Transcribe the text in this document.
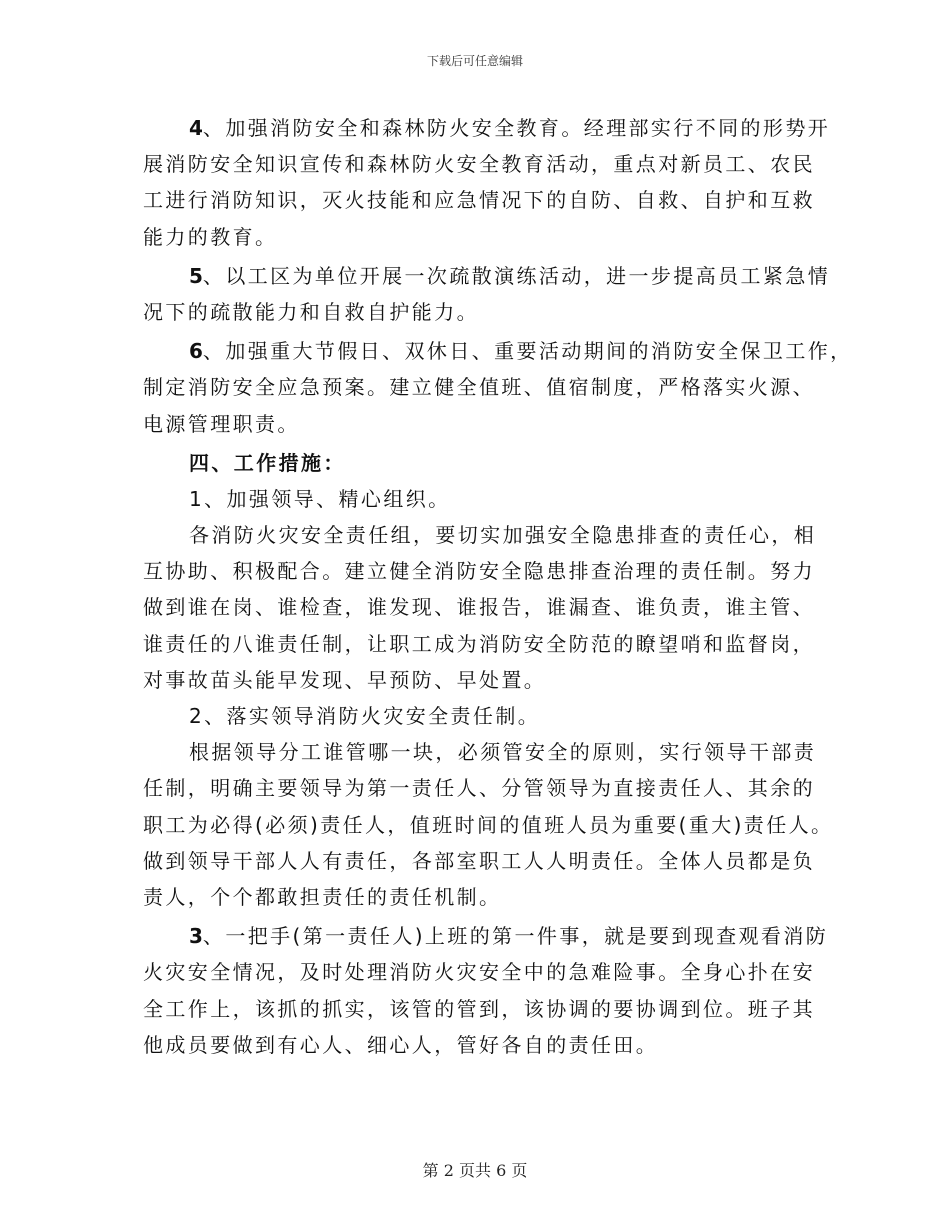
下载后可任意编辑
4、加强消防安全和森林防火安全教育。经理部实行不同的形势开
展消防安全知识宣传和森林防火安全教育活动，重点对新员工、农民
工进行消防知识，灭火技能和应急情况下的自防、自救、自护和互救
能力的教育。
5、以工区为单位开展一次疏散演练活动，进一步提高员工紧急情
况下的疏散能力和自救自护能力。
6、加强重大节假日、双休日、重要活动期间的消防安全保卫工作，
制定消防安全应急预案。建立健全值班、值宿制度，严格落实火源、
电源管理职责。
四、工作措施：
1、加强领导、精心组织。
各消防火灾安全责任组，要切实加强安全隐患排查的责任心，相
互协助、积极配合。建立健全消防安全隐患排查治理的责任制。努力
做到谁在岗、谁检查，谁发现、谁报告，谁漏查、谁负责，谁主管、
谁责任的八谁责任制，让职工成为消防安全防范的瞭望哨和监督岗，
对事故苗头能早发现、早预防、早处置。
2、落实领导消防火灾安全责任制。
根据领导分工谁管哪一块，必须管安全的原则，实行领导干部责
任制，明确主要领导为第一责任人、分管领导为直接责任人、其余的
职工为必得(必须)责任人，值班时间的值班人员为重要(重大)责任人。
做到领导干部人人有责任，各部室职工人人明责任。全体人员都是负
责人，个个都敢担责任的责任机制。
3、一把手(第一责任人)上班的第一件事，就是要到现查观看消防
火灾安全情况，及时处理消防火灾安全中的急难险事。全身心扑在安
全工作上，该抓的抓实，该管的管到，该协调的要协调到位。班子其
他成员要做到有心人、细心人，管好各自的责任田。
第 2 页共 6 页
